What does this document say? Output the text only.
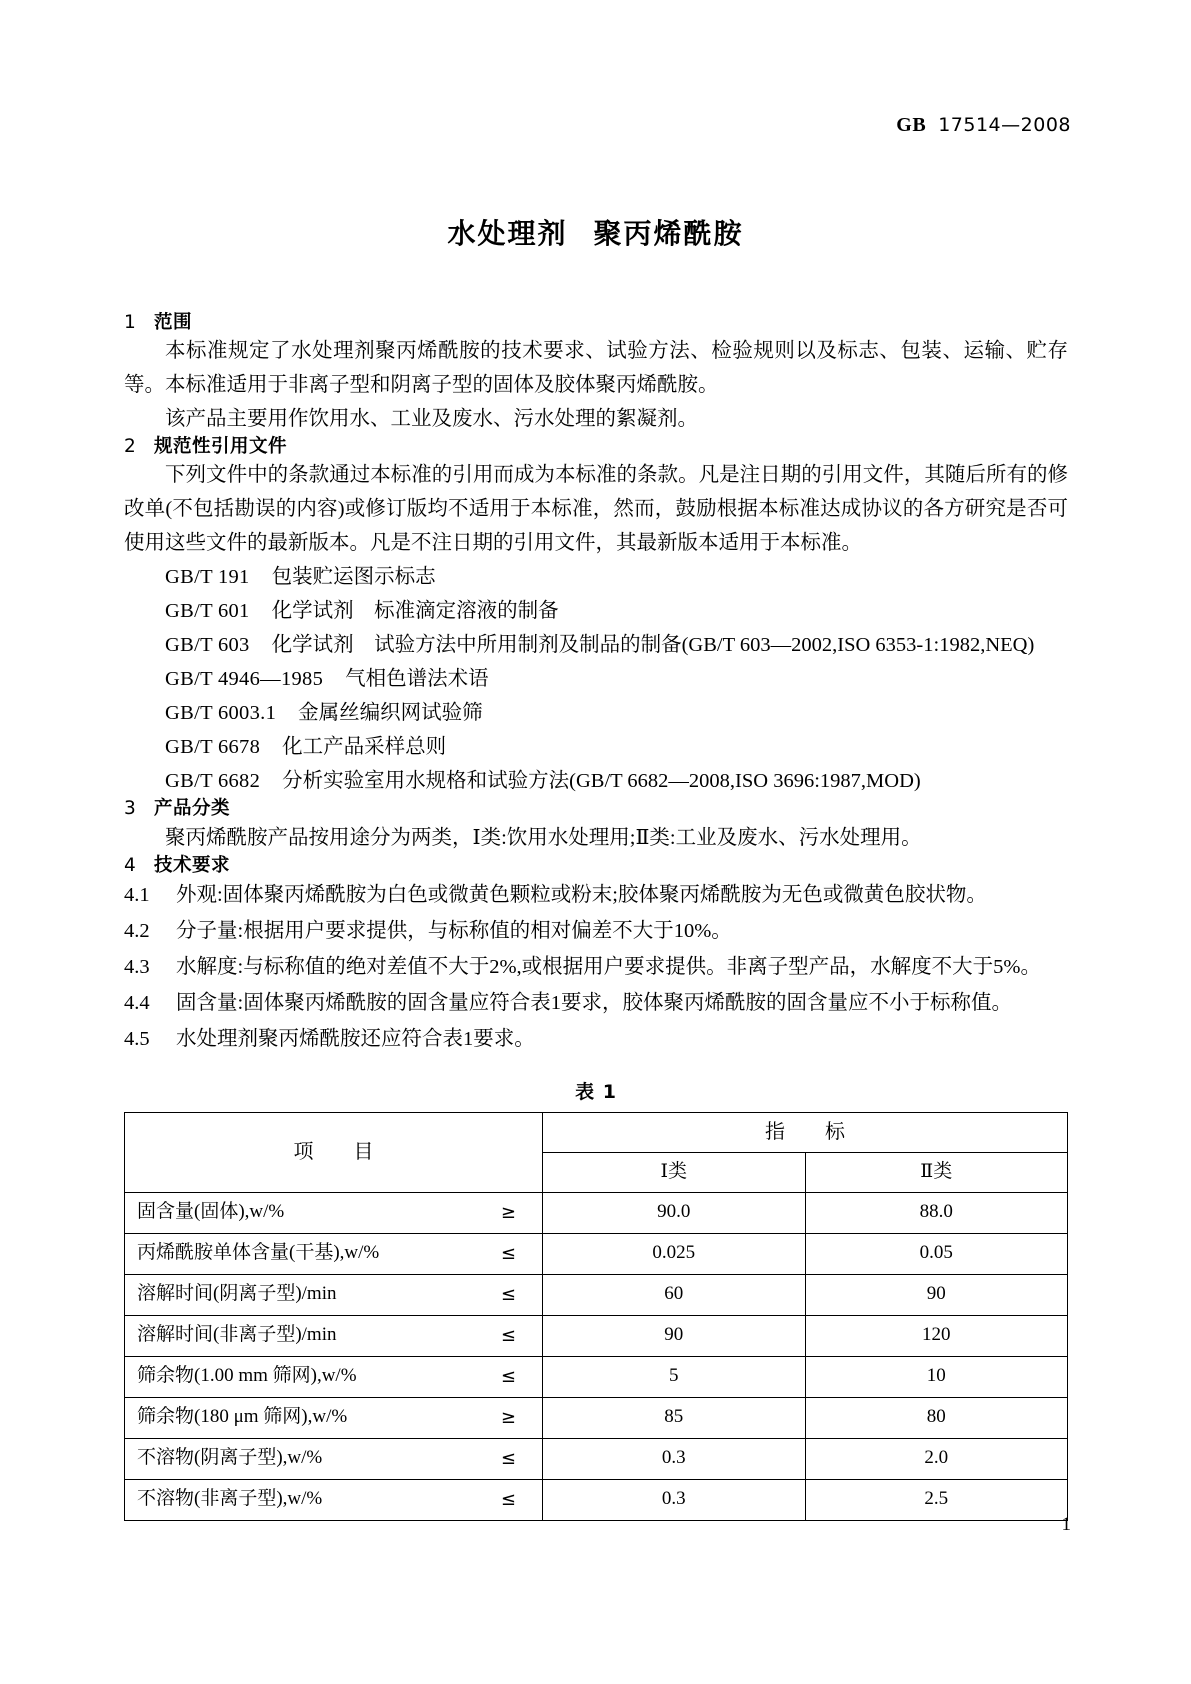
GB 17514—2008
水处理剂 聚丙烯酰胺
1 范围

本标准规定了水处理剂聚丙烯酰胺的技术要求、试验方法、检验规则以及标志、包装、运输、贮存等。本标准适用于非离子型和阴离子型的固体及胶体聚丙烯酰胺。

该产品主要用作饮用水、工业及废水、污水处理的絮凝剂。

2 规范性引用文件

下列文件中的条款通过本标准的引用而成为本标准的条款。凡是注日期的引用文件，其随后所有的修改单(不包括勘误的内容)或修订版均不适用于本标准，然而，鼓励根据本标准达成协议的各方研究是否可使用这些文件的最新版本。凡是不注日期的引用文件，其最新版本适用于本标准。

GB/T 191 包装贮运图示标志

GB/T 601 化学试剂　标准滴定溶液的制备

GB/T 603 化学试剂　试验方法中所用制剂及制品的制备(GB/T 603—2002,ISO 6353-1:1982,NEQ)

GB/T 4946—1985 气相色谱法术语

GB/T 6003.1 金属丝编织网试验筛

GB/T 6678 化工产品采样总则

GB/T 6682 分析实验室用水规格和试验方法(GB/T 6682—2008,ISO 3696:1987,MOD)

3 产品分类

聚丙烯酰胺产品按用途分为两类，Ⅰ类:饮用水处理用;Ⅱ类:工业及废水、污水处理用。

4 技术要求

4.1 外观:固体聚丙烯酰胺为白色或微黄色颗粒或粉末;胶体聚丙烯酰胺为无色或微黄色胶状物。

4.2 分子量:根据用户要求提供，与标称值的相对偏差不大于10%。

4.3 水解度:与标称值的绝对差值不大于2%,或根据用户要求提供。非离子型产品，水解度不大于5%。

4.4 固含量:固体聚丙烯酰胺的固含量应符合表1要求，胶体聚丙烯酰胺的固含量应不小于标称值。

4.5 水处理剂聚丙烯酰胺还应符合表1要求。

表 1
项　　目	指　　标	
	Ⅰ类	Ⅱ类
固含量(固体),w/% ≥	90.0	88.0
丙烯酰胺单体含量(干基),w/% ≤	0.025	0.05
溶解时间(阴离子型)/min ≤	60	90
溶解时间(非离子型)/min ≤	90	120
筛余物(1.00 mm 筛网),w/% ≤	5	10
筛余物(180 μm 筛网),w/% ≥	85	80
不溶物(阴离子型),w/% ≤	0.3	2.0
不溶物(非离子型),w/% ≤	0.3	2.5
1
